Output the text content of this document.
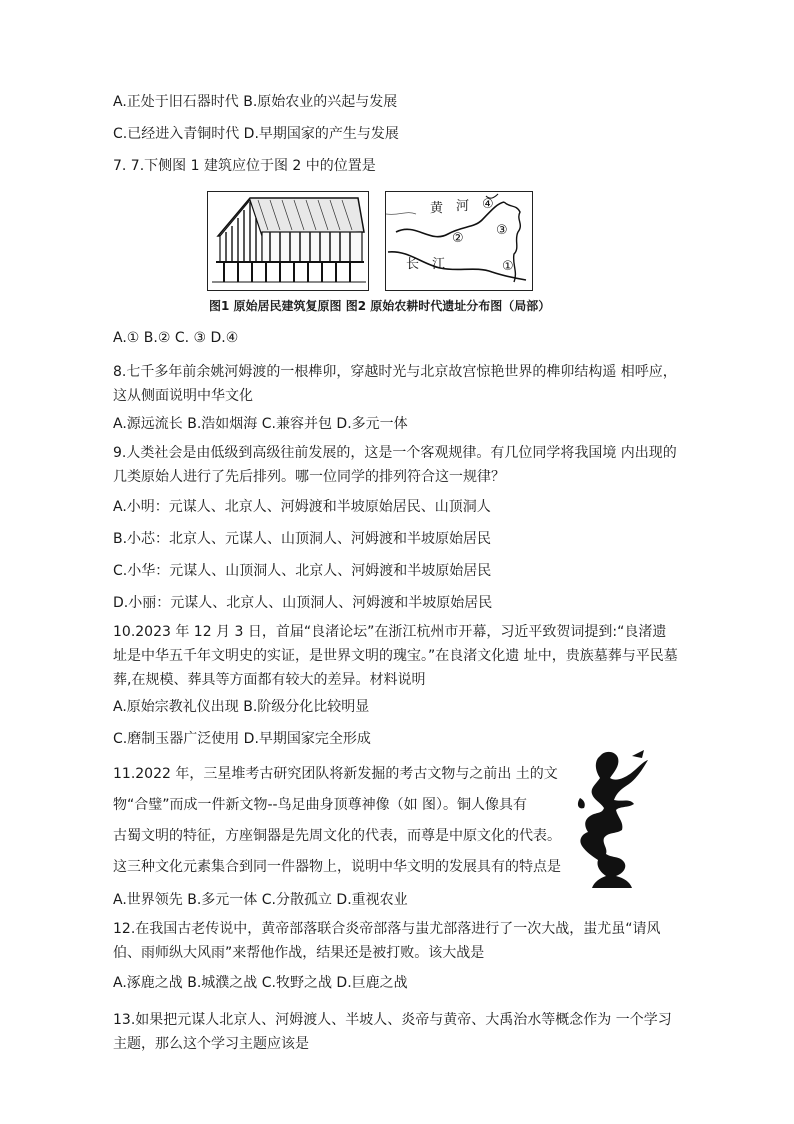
A.正处于旧石器时代 B.原始农业的兴起与发展
C.已经进入青铜时代 D.早期国家的产生与发展
7. 7.下侧图 1 建筑应位于图 2 中的位置是
黄 河 ④
②
③
长 江	①
图1 原始居民建筑复原图 图2 原始农耕时代遗址分布图（局部）
A.① B.② C. ③ D.④
8.七千多年前余姚河姆渡的一根榫卯，穿越时光与北京故宫惊艳世界的榫卯结构遥 相呼应，这从侧面说明中华文化
A.源远流长 B.浩如烟海 C.兼容并包 D.多元一体
9.人类社会是由低级到高级往前发展的，这是一个客观规律。有几位同学将我国境 内出现的几类原始人进行了先后排列。哪一位同学的排列符合这一规律？
A.小明：元谋人、北京人、河姆渡和半坡原始居民、山顶洞人
B.小芯：北京人、元谋人、山顶洞人、河姆渡和半坡原始居民
C.小华：元谋人、山顶洞人、北京人、河姆渡和半坡原始居民
D.小丽：元谋人、北京人、山顶洞人、河姆渡和半坡原始居民
10.2023 年 12 月 3 日，首届“良渚论坛”在浙江杭州市开幕，习近平致贺词提到:“良渚遗址是中华五千年文明史的实证，是世界文明的瑰宝。”在良渚文化遗 址中，贵族墓葬与平民墓葬,在规模、葬具等方面都有较大的差异。材料说明
A.原始宗教礼仪出现 B.阶级分化比较明显
C.磨制玉器广泛使用 D.早期国家完全形成
11.2022 年，三星堆考古研究团队将新发掘的考古文物与之前出 土的文
物“合璧”而成一件新文物--鸟足曲身顶尊神像（如 图）。铜人像具有
古蜀文明的特征，方座铜器是先周文化的代表，而尊是中原文化的代表。
这三种文化元素集合到同一件器物上，说明中华文明的发展具有的特点是
A.世界领先 B.多元一体 C.分散孤立 D.重视农业
12.在我国古老传说中，黄帝部落联合炎帝部落与蚩尤部落进行了一次大战，蚩尤虽“请风伯、雨师纵大风雨”来帮他作战，结果还是被打败。该大战是
A.涿鹿之战 B.城濮之战 C.牧野之战 D.巨鹿之战
13.如果把元谋人北京人、河姆渡人、半坡人、炎帝与黄帝、大禹治水等概念作为 一个学习主题，那么这个学习主题应该是
